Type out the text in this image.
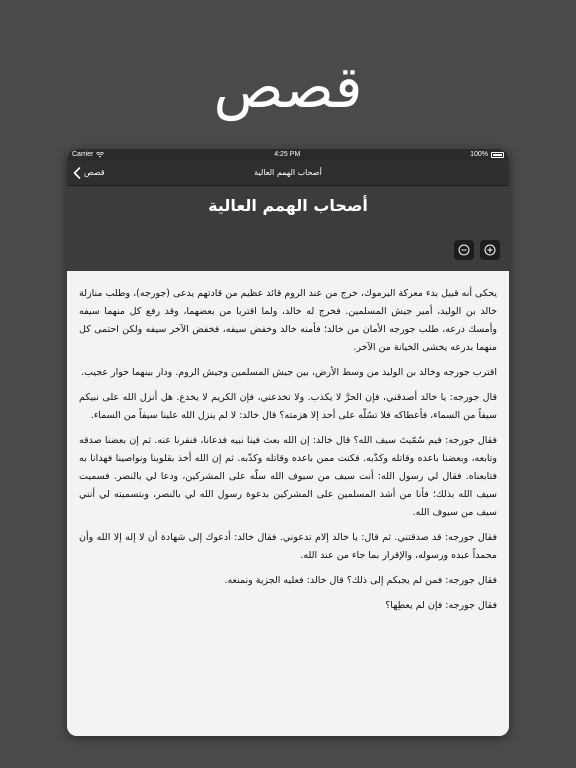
قصص
Carrier	4:25 PM	100%
قصص	أصحاب الهمم العالية
أصحاب الهمم العالية

يحكى أنه قبيل بدء معركة اليرموك، خرج من عند الروم قائد عظيم من قادتهم يدعى (جورجه)، وطلب منازلة خالد بن الوليد، أمير جيش المسلمين. فخرج له خالد، ولما اقتربا من بعضهما، وقد رفع كل منهما سيفه وأمسك درعه، طلب جورجه الأمان من خالد؛ فأمنه خالد وخفض سيفه، فخفض الآخر سيفه ولكن احتمى كل منهما بدرعه يخشى الخيانة من الآخر.

اقترب جورجه وخالد بن الوليد من وسط الأرض، بين جيش المسلمين وجيش الروم. ودار بينهما حوار عجيب.

قال جورجه: يا خالد أصدقني، فإن الحرَّ لا يكذب. ولا تخدعني، فإن الكريم لا يخدع. هل أنزل الله على نبيكم سيفاً من السماء، فأعطاكه فلا تسُلّه على أحد إلا هزمته؟ قال خالد: لا لم ينزل الله علينا سيفاً من السماء.

فقال جورجه: فيم سُمّيتَ سيف الله؟ قال خالد: إن الله بعث فينا نبيه فدعانا، فنفرنا عنه. ثم إن بعضنا صدقه وتابعه، وبعضنا باعده وقاتله وكذّبه. فكنت ممن باعده وقاتله وكذّبه. ثم إن الله أخذ بقلوبنا ونواصينا فهدانا به فتابعناه. فقال لي رسول الله: أنت سيف من سيوف الله سلّه على المشركين، ودعا لي بالنصر. فسميت سيف الله بذلك؛ فأنا من أشد المسلمين على المشركين بدعوة رسول الله لي بالنصر، وبتسميته لي أنني سيف من سيوف الله.

فقال جورجه: قد صدقتني. ثم قال: يا خالد إلام تدعوني. فقال خالد: أدعوك إلى شهادة أن لا إله إلا الله وأن محمداً عبده ورسوله، والإقرار بما جاء من عند الله.

فقال جورجه: فمن لم يجبكم إلى ذلك؟ قال خالد: فعليه الجزية ونمنعه.

فقال جورجه: فإن لم يعطِها؟
